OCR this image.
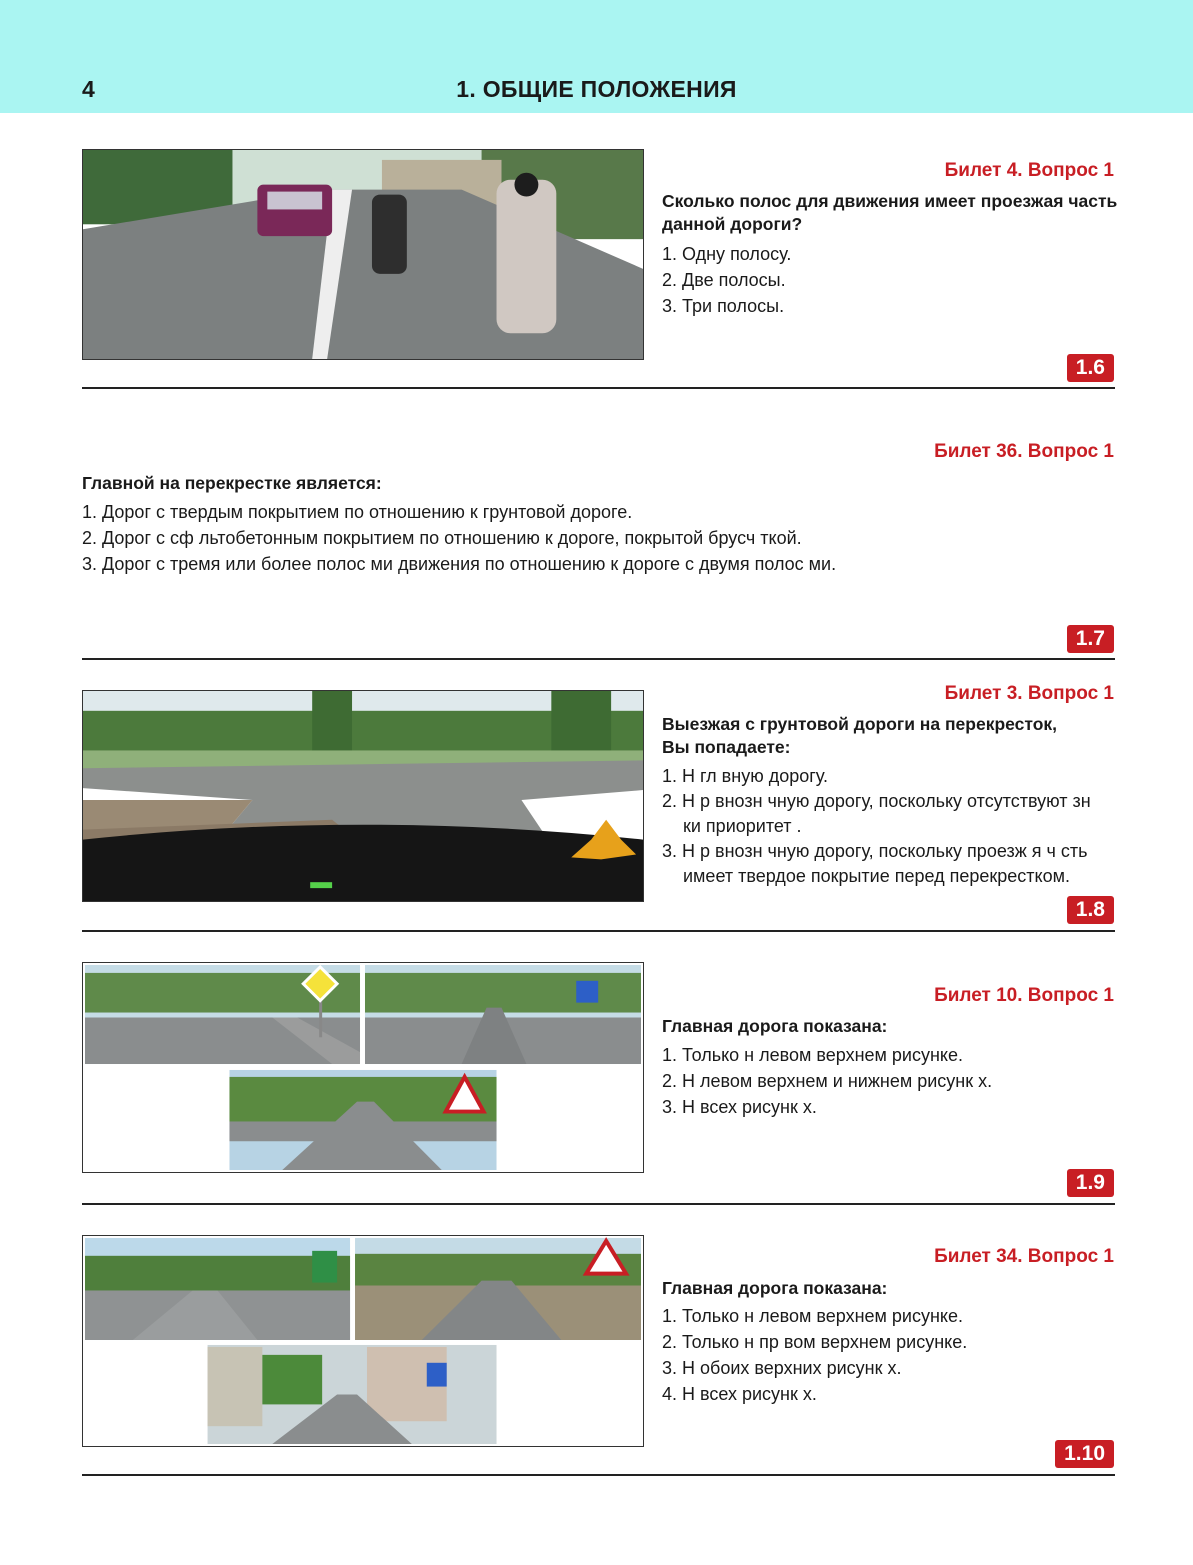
4	1. ОБЩИЕ ПОЛОЖЕНИЯ
Билет 4. Вопрос 1
Сколько полос для движения имеет проезжая часть
данной дороги?
1. Одну полосу.
2. Две полосы.
3. Три полосы.
1.6
Билет 36. Вопрос 1
Главной на перекрестке является:
1. Дорог с твердым покрытием по отношению к грунтовой дороге.
2. Дорог с сф льтобетонным покрытием по отношению к дороге, покрытой брусч ткой.
3. Дорог с тремя или более полос ми движения по отношению к дороге с двумя полос ми.
1.7
Билет 3. Вопрос 1
Выезжая с грунтовой дороги на перекресток,
Вы попадаете:
1. Н гл вную дорогу.
2. Н р внозн чную дорогу, поскольку отсутствуют зн ки приоритет .
3. Н р внозн чную дорогу, поскольку проезж я ч сть имеет твердое покрытие перед перекрестком.
1.8
Билет 10. Вопрос 1
Главная дорога показана:
1. Только н левом верхнем рисунке.
2. Н левом верхнем и нижнем рисунк х.
3. Н всех рисунк х.
1.9
Билет 34. Вопрос 1
Главная дорога показана:
1. Только н левом верхнем рисунке.
2. Только н пр вом верхнем рисунке.
3. Н обоих верхних рисунк х.
4. Н всех рисунк х.
1.10
